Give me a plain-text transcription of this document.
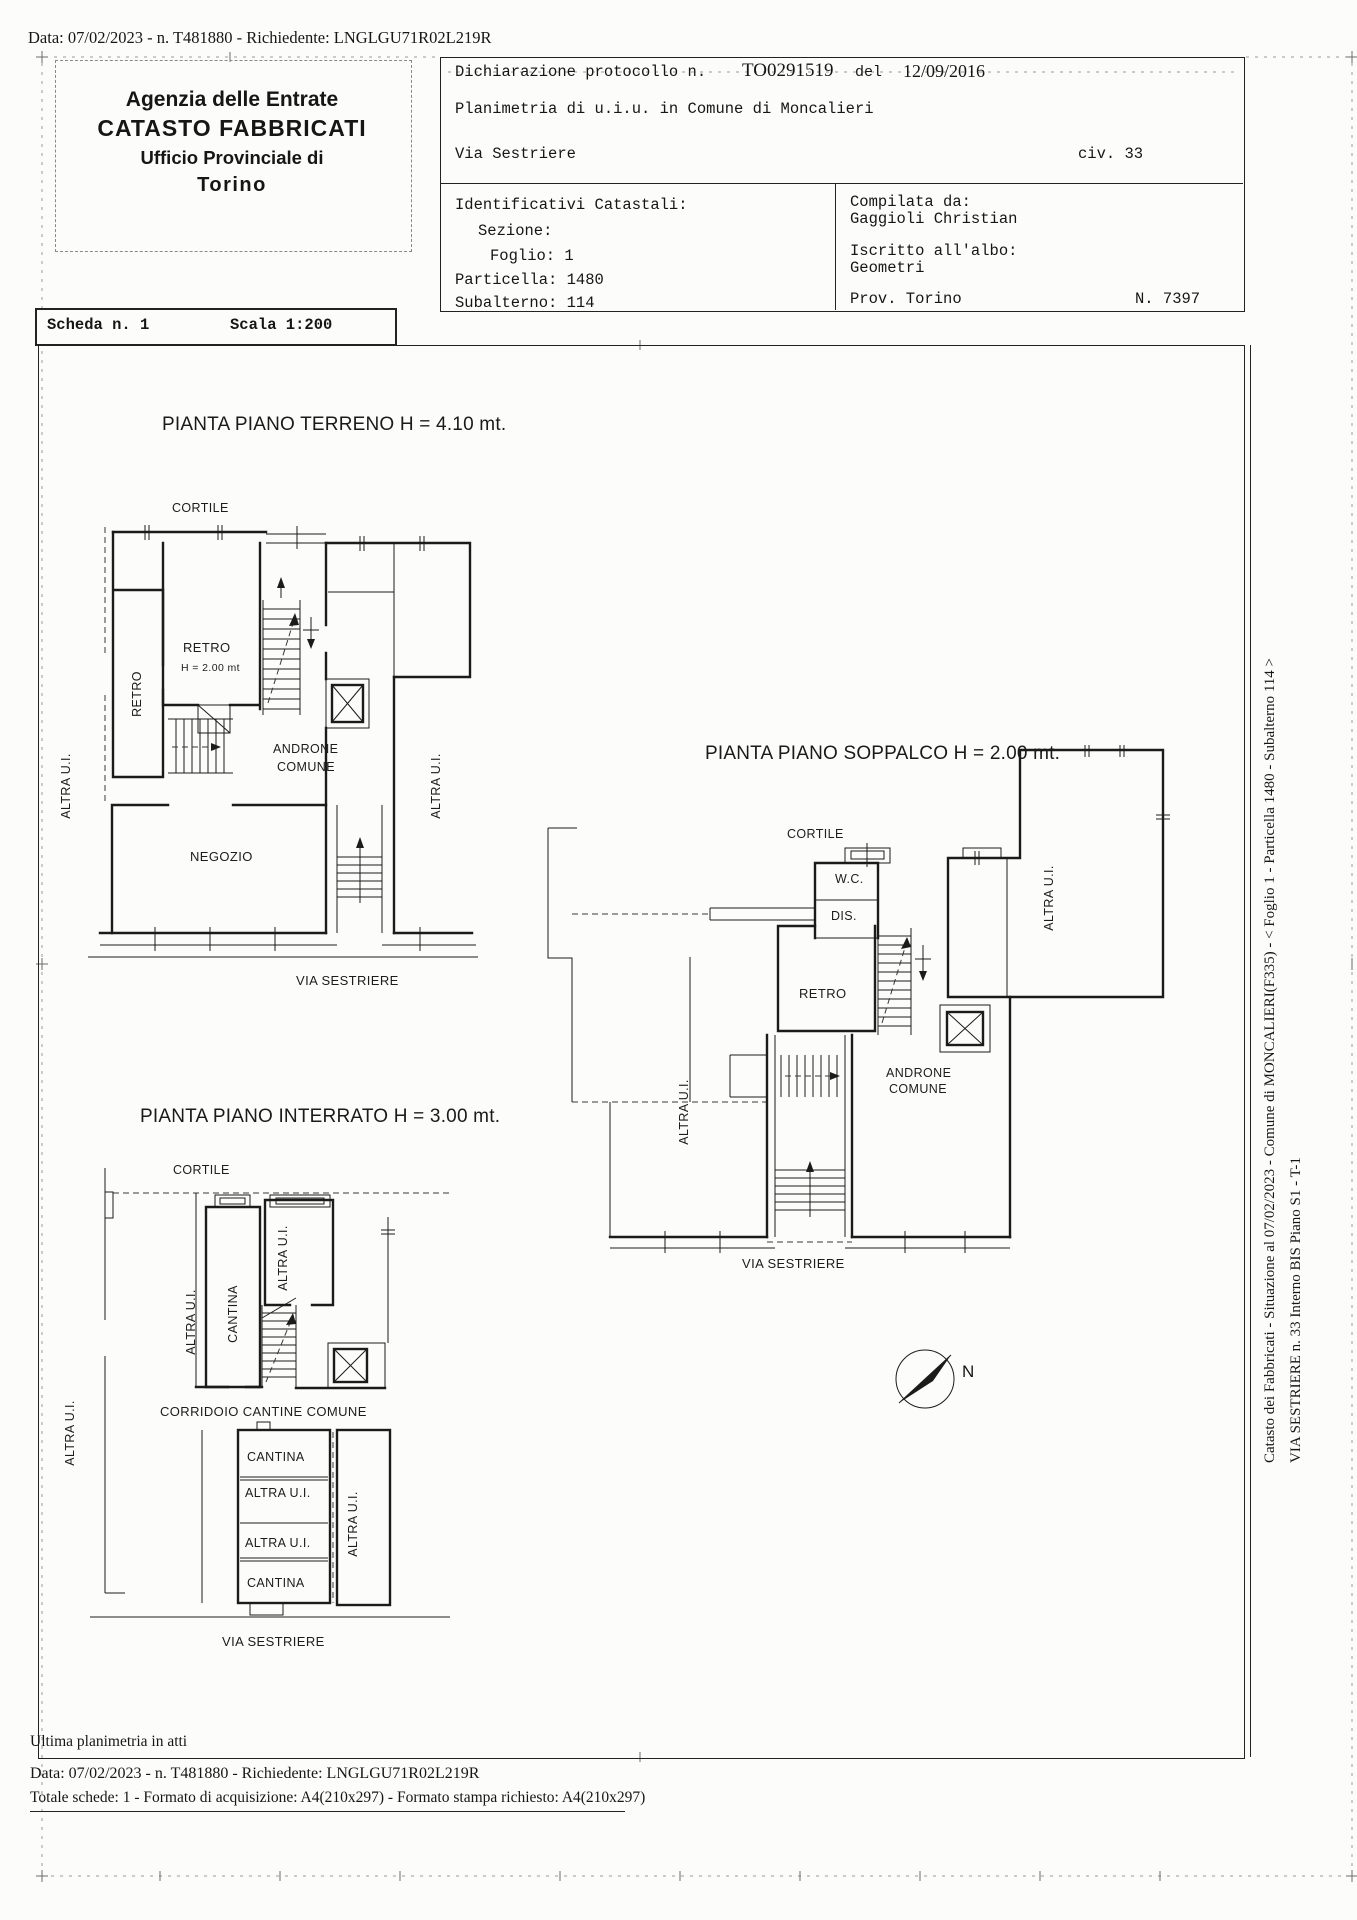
Data: 07/02/2023 - n. T481880 - Richiedente: LNGLGU71R02L219R
Agenzia delle Entrate
CATASTO FABBRICATI
Ufficio Provinciale di
Torino
Dichiarazione protocollo n. TO0291519 del 12/09/2016
Planimetria di u.i.u. in Comune di Moncalieri
Via Sestriere	civ. 33
Identificativi Catastali:
Sezione:
Foglio: 1
Particella: 1480
Subalterno: 114
Compilata da:
Gaggioli Christian
Iscritto all'albo:
Geometri
Prov. Torino	N. 7397
Scheda n. 1	Scala 1:200
PIANTA PIANO TERRENO H = 4.10 mt.
PIANTA PIANO SOPPALCO H = 2.00 mt.
PIANTA PIANO INTERRATO H = 3.00 mt.
CORTILE
RETRO
RETRO
H = 2.00 mt
ANDRONE
COMUNE
NEGOZIO
ALTRA U.I.	ALTRA U.I.
VIA SESTRIERE
CORTILE
W.C.
DIS.
RETRO
ANDRONE
COMUNE
ALTRA U.I.
ALTRA U.I.
VIA SESTRIERE
CORTILE
CANTINA
ALTRA U.I.
ALTRA U.I.
ALTRA U.I.	CORRIDOIO CANTINE COMUNE
CANTINA
ALTRA U.I.
ALTRA U.I.
CANTINA
ALTRA U.I.
VIA SESTRIERE
N	Catasto dei Fabbricati - Situazione al 07/02/2023 - Comune di MONCALIERI(F335) - < Foglio 1 - Particella 1480 - Subalterno 114 > VIA SESTRIERE n. 33 Interno BIS Piano S1 - T-1
Ultima planimetria in atti
Data: 07/02/2023 - n. T481880 - Richiedente: LNGLGU71R02L219R
Totale schede: 1 - Formato di acquisizione: A4(210x297) - Formato stampa richiesto: A4(210x297)
